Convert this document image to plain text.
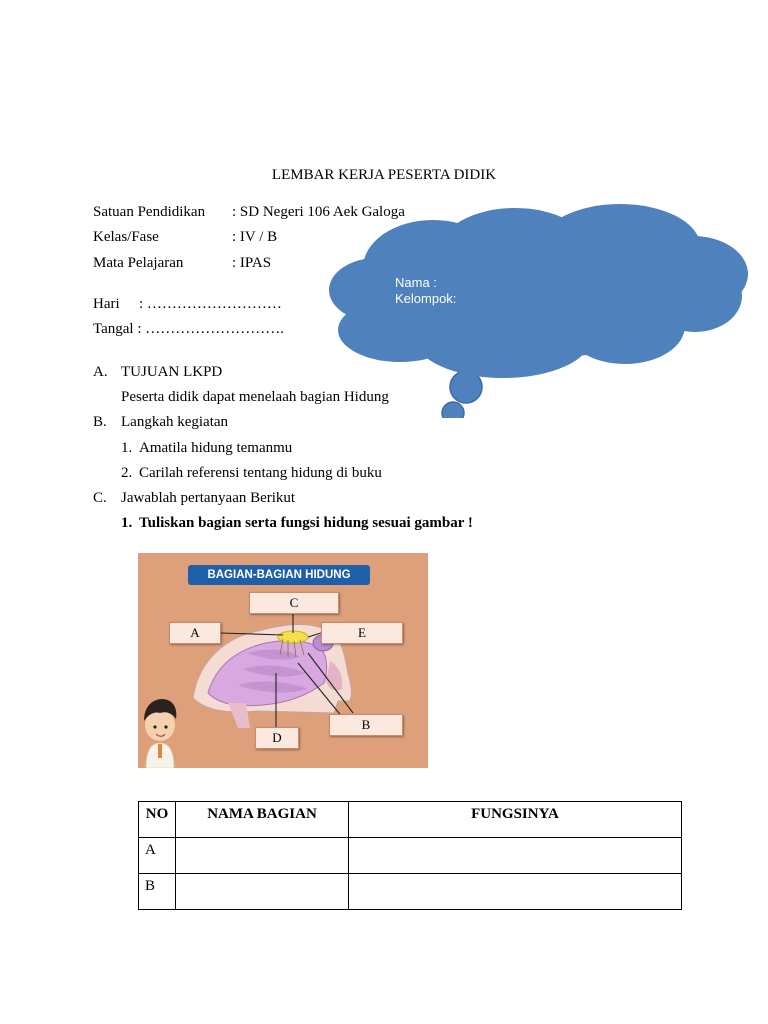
LEMBAR KERJA PESERTA DIDIK
Satuan Pendidikan : SD Negeri 106 Aek Galoga
Kelas/Fase	: IV / B
Mata Pelajaran	: IPAS
Hari : ………………………
Tangal : ……………………….
Nama :
Kelompok:
A. TUJUAN LKPD
Peserta didik dapat menelaah bagian Hidung
B. Langkah kegiatan
1. Amatila hidung temanmu
2. Carilah referensi tentang hidung di buku
C. Jawablah pertanyaan Berikut
1. Tuliskan bagian serta fungsi hidung sesuai gambar !
BAGIAN-BAGIAN HIDUNG
C
A	E
B
D
NO	NAMA BAGIAN	FUNGSINYA
A		
B		
